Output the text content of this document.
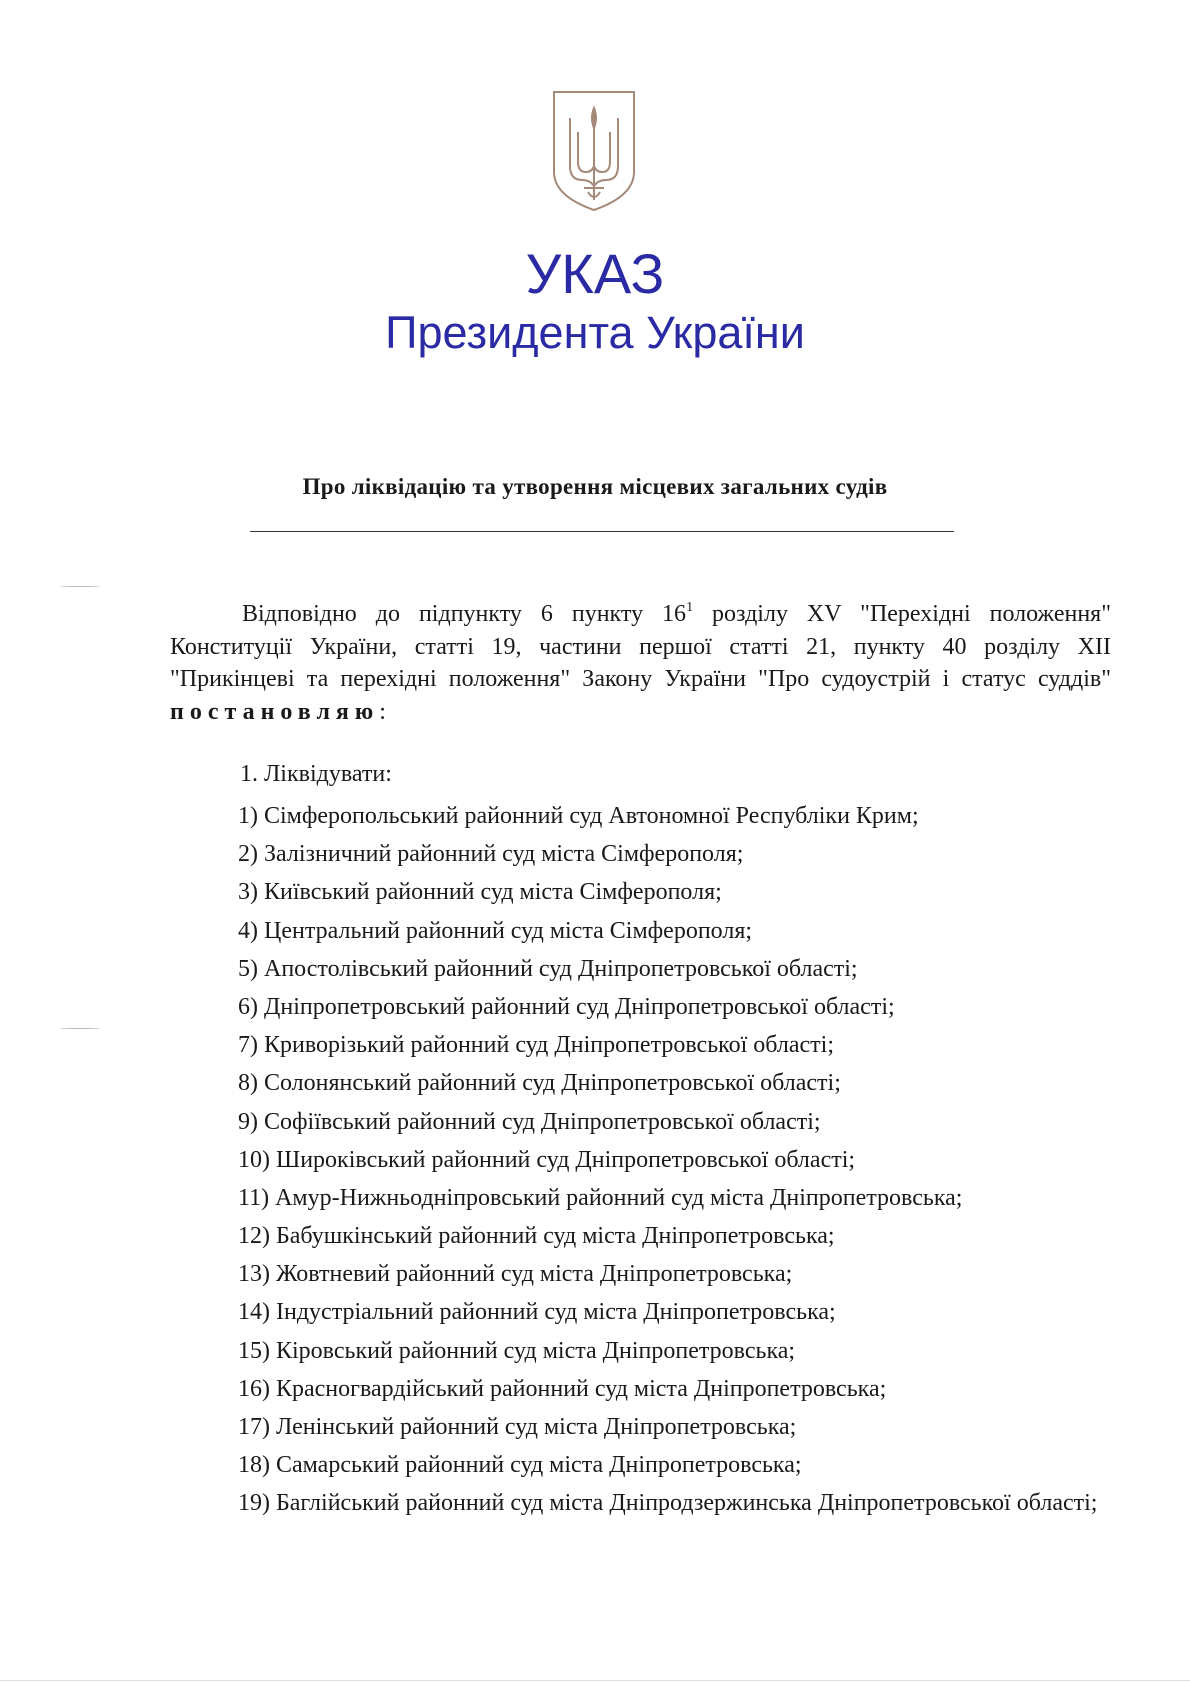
УКАЗ
Президента України
Про ліквідацію та утворення місцевих загальних судів

Відповідно до підпункту 6 пункту $16^1$ розділу XV "Перехідні положення" Конституції України, статті 19, частини першої статті 21, пункту 40 розділу XII "Прикінцеві та перехідні положення" Закону України "Про судоустрій і статус суддів" постановляю:

1. Ліквідувати:
1) Сімферопольський районний суд Автономної Республіки Крим;
2) Залізничний районний суд міста Сімферополя;
3) Київський районний суд міста Сімферополя;
4) Центральний районний суд міста Сімферополя;
5) Апостолівський районний суд Дніпропетровської області;
6) Дніпропетровський районний суд Дніпропетровської області;
7) Криворізький районний суд Дніпропетровської області;
8) Солонянський районний суд Дніпропетровської області;
9) Софіївський районний суд Дніпропетровської області;
10) Широківський районний суд Дніпропетровської області;
11) Амур-Нижньодніпровський районний суд міста Дніпропетровська;
12) Бабушкінський районний суд міста Дніпропетровська;
13) Жовтневий районний суд міста Дніпропетровська;
14) Індустріальний районний суд міста Дніпропетровська;
15) Кіровський районний суд міста Дніпропетровська;
16) Красногвардійський районний суд міста Дніпропетровська;
17) Ленінський районний суд міста Дніпропетровська;
18) Самарський районний суд міста Дніпропетровська;
19) Баглійський районний суд міста Дніпродзержинська Дніпропетровської області;
